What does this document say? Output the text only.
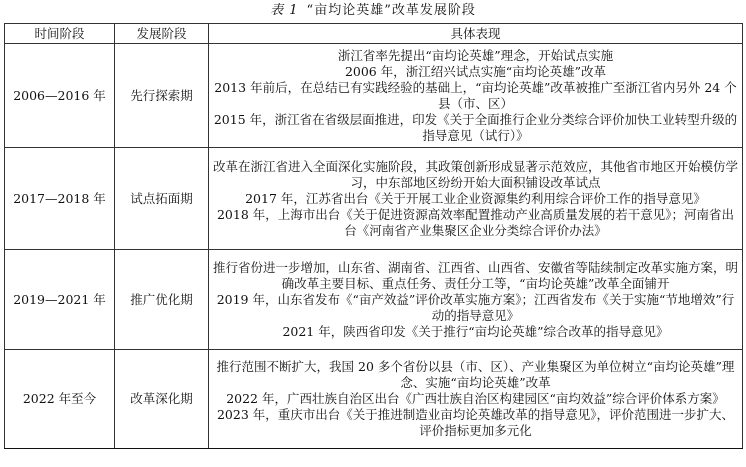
表 1 “亩均论英雄”改革发展阶段
时间阶段	发展阶段	具体表现
2006—2016 年	先行探索期	浙江省率先提出“亩均论英雄”理念，开始试点实施

2006 年，浙江绍兴试点实施“亩均论英雄”改革

2013 年前后，在总结已有实践经验的基础上，“亩均论英雄”改革被推广至浙江省内另外 24 个县（市、区）

2015 年，浙江省在省级层面推进，印发《关于全面推行企业分类综合评价加快工业转型升级的指导意见（试行）》

2017—2018 年	试点拓面期	改革在浙江省进入全面深化实施阶段，其政策创新形成显著示范效应，其他省市地区开始模仿学习，中东部地区纷纷开始大面积铺设改革试点

2017 年，江苏省出台《关于开展工业企业资源集约利用综合评价工作的指导意见》

2018 年，上海市出台《关于促进资源高效率配置推动产业高质量发展的若干意见》；河南省出台《河南省产业集聚区企业分类综合评价办法》

2019—2021 年	推广优化期	推行省份进一步增加，山东省、湖南省、江西省、山西省、安徽省等陆续制定改革实施方案，明确改革主要目标、重点任务、责任分工等，“亩均论英雄”改革全面铺开

2019 年，山东省发布《“亩产效益”评价改革实施方案》；江西省发布《关于实施“节地增效”行动的指导意见》

2021 年，陕西省印发《关于推行“亩均论英雄”综合改革的指导意见》

2022 年至今	改革深化期	推行范围不断扩大，我国 20 多个省份以县（市、区）、产业集聚区为单位树立“亩均论英雄”理念、实施“亩均论英雄”改革

2022 年，广西壮族自治区出台《广西壮族自治区构建园区“亩均效益”综合评价体系方案》

2023 年，重庆市出台《关于推进制造业亩均论英雄改革的指导意见》，评价范围进一步扩大、评价指标更加多元化
